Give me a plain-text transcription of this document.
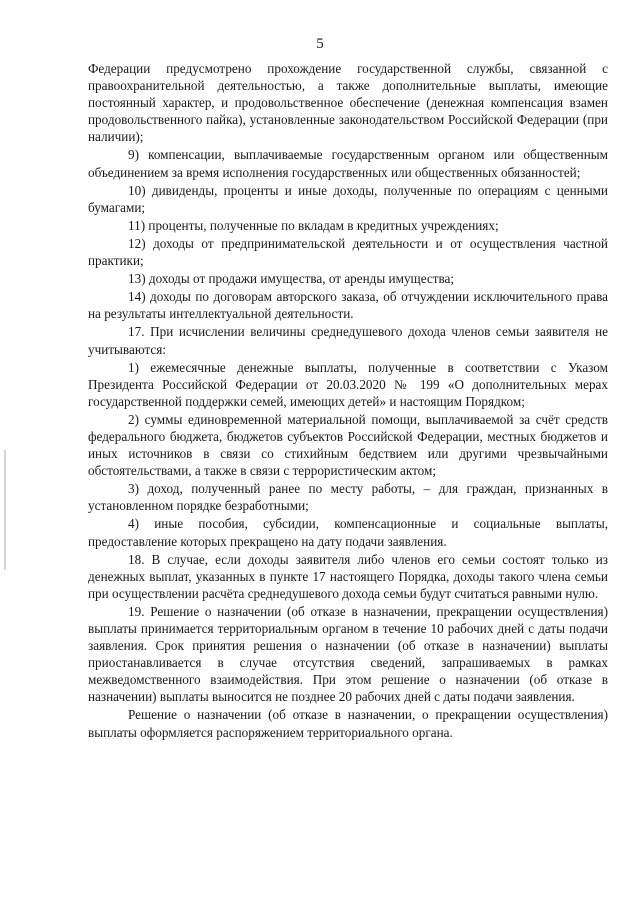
5

Федерации предусмотрено прохождение государственной службы, связанной с правоохранительной деятельностью, а также дополнительные выплаты, имеющие постоянный характер, и продовольственное обеспечение (денежная компенсация взамен продовольственного пайка), установленные законодательством Российской Федерации (при наличии);

9) компенсации, выплачиваемые государственным органом или общественным объединением за время исполнения государственных или общественных обязанностей;

10) дивиденды, проценты и иные доходы, полученные по операциям с ценными бумагами;

11) проценты, полученные по вкладам в кредитных учреждениях;

12) доходы от предпринимательской деятельности и от осуществления частной практики;

13) доходы от продажи имущества, от аренды имущества;

14) доходы по договорам авторского заказа, об отчуждении исключительного права на результаты интеллектуальной деятельности.

17. При исчислении величины среднедушевого дохода членов семьи заявителя не учитываются:

1) ежемесячные денежные выплаты, полученные в соответствии с Указом Президента Российской Федерации от 20.03.2020 № 199 «О дополнительных мерах государственной поддержки семей, имеющих детей» и настоящим Порядком;

2) суммы единовременной материальной помощи, выплачиваемой за счёт средств федерального бюджета, бюджетов субъектов Российской Федерации, местных бюджетов и иных источников в связи со стихийным бедствием или другими чрезвычайными обстоятельствами, а также в связи с террористическим актом;

3) доход, полученный ранее по месту работы, – для граждан, признанных в установленном порядке безработными;

4) иные пособия, субсидии, компенсационные и социальные выплаты, предоставление которых прекращено на дату подачи заявления.

18. В случае, если доходы заявителя либо членов его семьи состоят только из денежных выплат, указанных в пункте 17 настоящего Порядка, доходы такого члена семьи при осуществлении расчёта среднедушевого дохода семьи будут считаться равными нулю.

19. Решение о назначении (об отказе в назначении, прекращении осуществления) выплаты принимается территориальным органом в течение 10 рабочих дней с даты подачи заявления. Срок принятия решения о назначении (об отказе в назначении) выплаты приостанавливается в случае отсутствия сведений, запрашиваемых в рамках межведомственного взаимодействия. При этом решение о назначении (об отказе в назначении) выплаты выносится не позднее 20 рабочих дней с даты подачи заявления.

Решение о назначении (об отказе в назначении, о прекращении осуществления) выплаты оформляется распоряжением территориального органа.
